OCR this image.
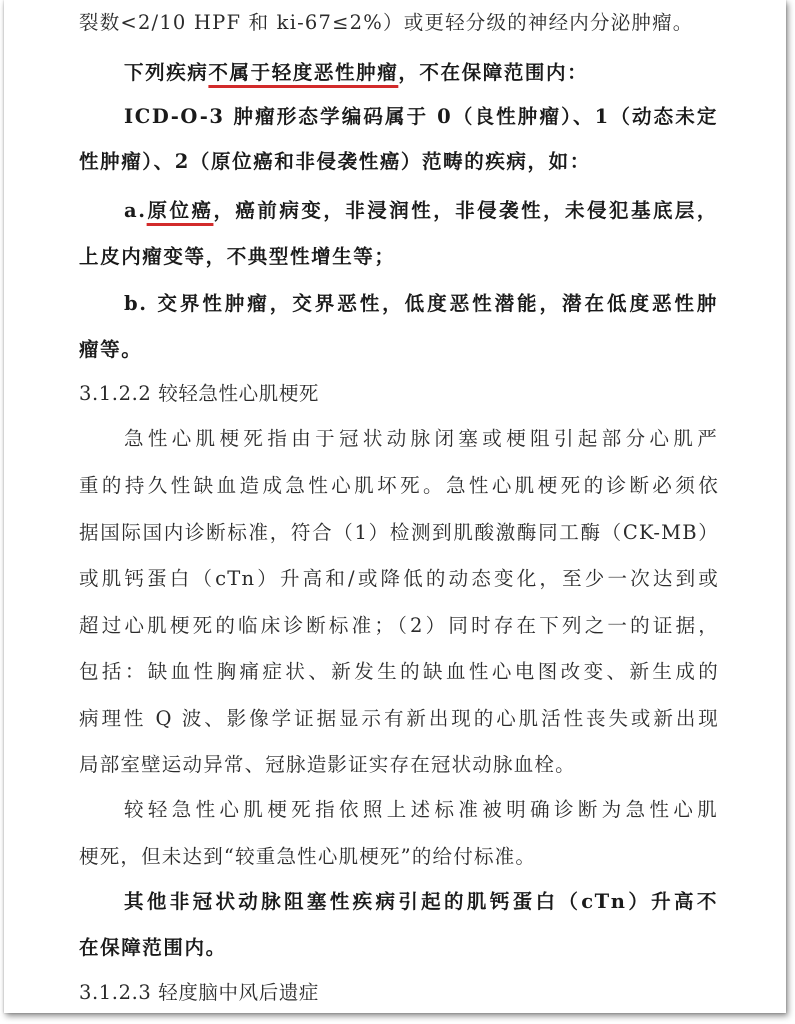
裂数<2/10 HPF 和 ki-67≤2%）或更轻分级的神经内分泌肿瘤。

下列疾病不属于轻度恶性肿瘤，不在保障范围内：

ICD-O-3 肿瘤形态学编码属于 0（良性肿瘤）、1（动态未定

性肿瘤）、2（原位癌和非侵袭性癌）范畴的疾病，如：

a.原位癌，癌前病变，非浸润性，非侵袭性，未侵犯基底层，

上皮内瘤变等，不典型性增生等；

b. 交界性肿瘤，交界恶性，低度恶性潜能，潜在低度恶性肿

瘤等。

3.1.2.2 较轻急性心肌梗死

急性心肌梗死指由于冠状动脉闭塞或梗阻引起部分心肌严

重的持久性缺血造成急性心肌坏死。急性心肌梗死的诊断必须依

据国际国内诊断标准，符合（1）检测到肌酸激酶同工酶（CK-MB）

或肌钙蛋白（cTn）升高和/或降低的动态变化，至少一次达到或

超过心肌梗死的临床诊断标准；（2）同时存在下列之一的证据，

包括：缺血性胸痛症状、新发生的缺血性心电图改变、新生成的

病理性 Q 波、影像学证据显示有新出现的心肌活性丧失或新出现

局部室壁运动异常、冠脉造影证实存在冠状动脉血栓。

较轻急性心肌梗死指依照上述标准被明确诊断为急性心肌

梗死，但未达到“较重急性心肌梗死”的给付标准。

其他非冠状动脉阻塞性疾病引起的肌钙蛋白（cTn）升高不

在保障范围内。

3.1.2.3 轻度脑中风后遗症
